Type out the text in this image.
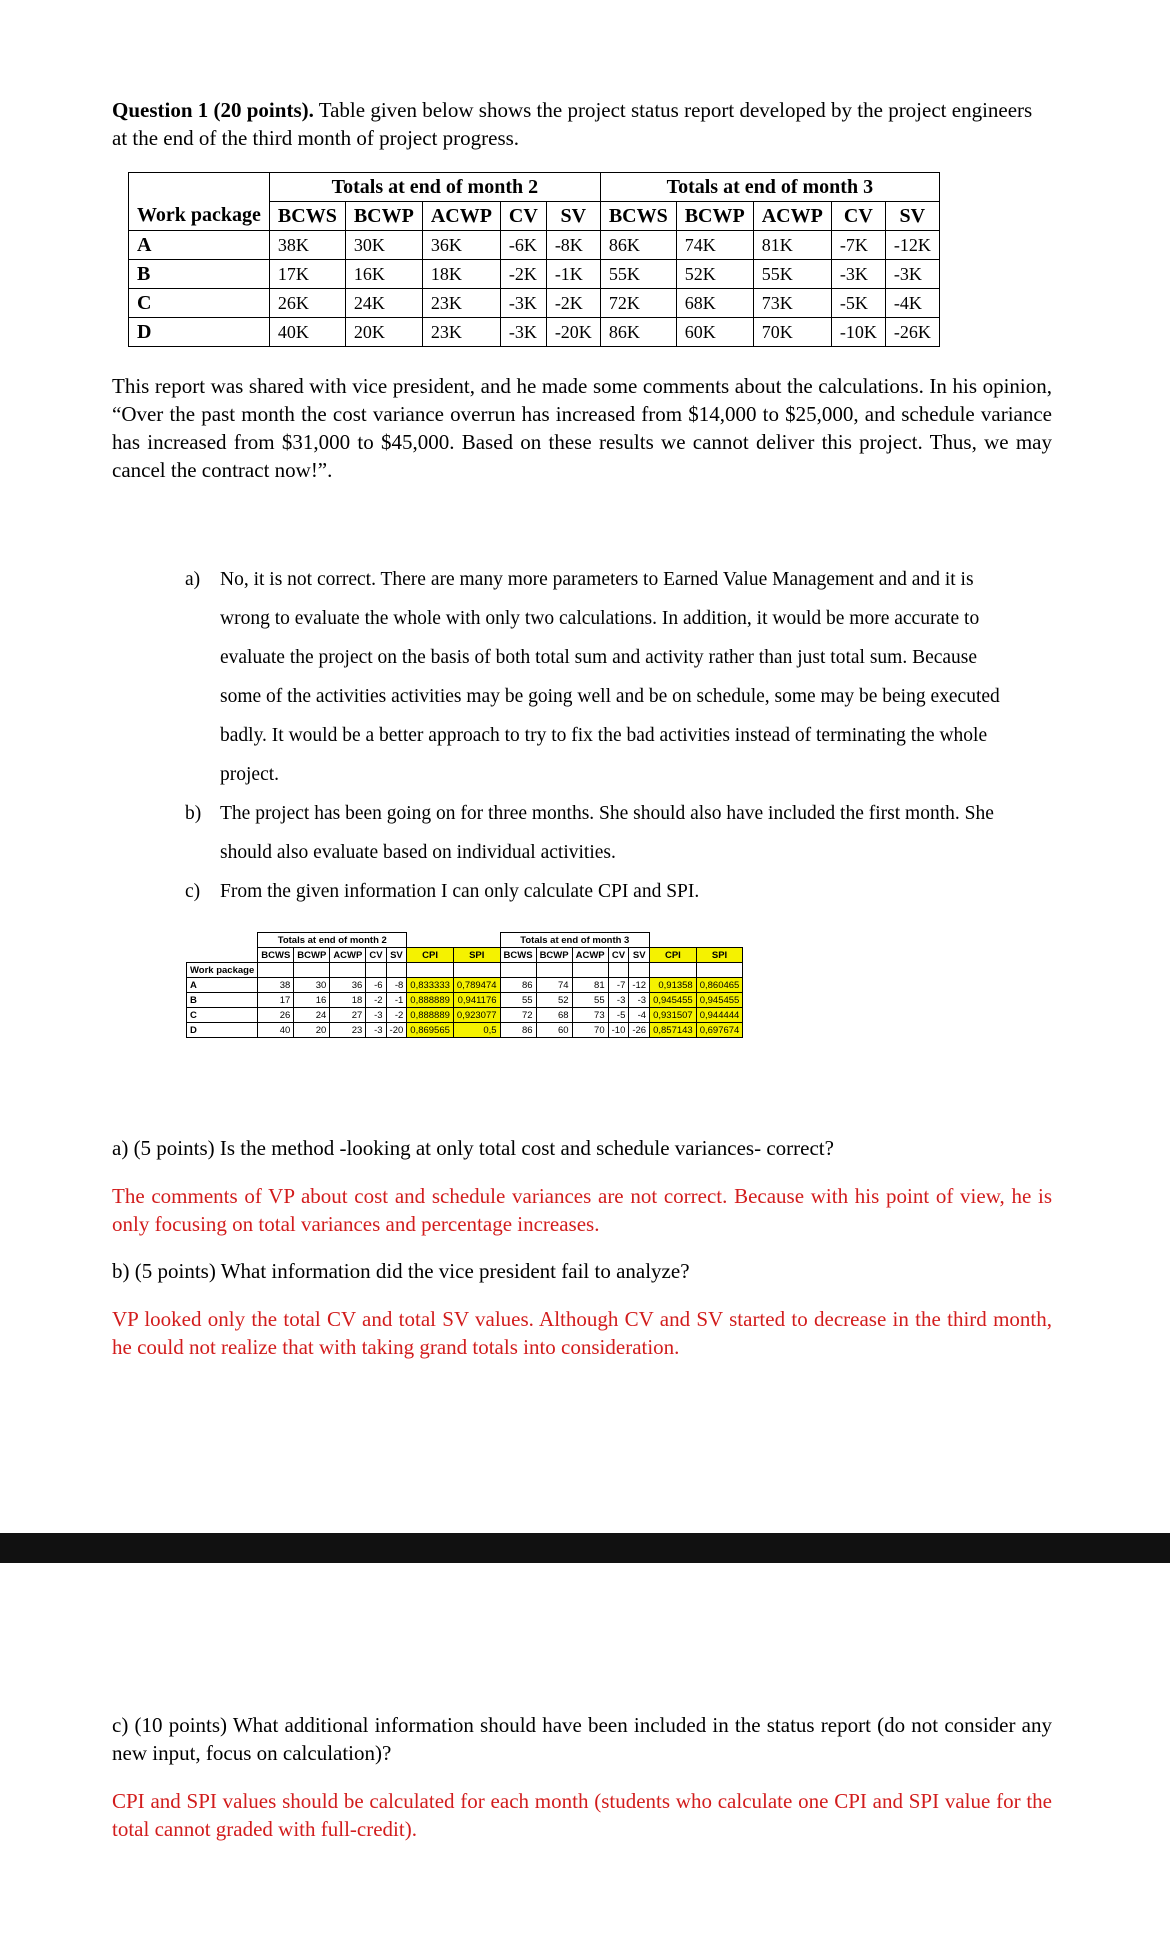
Question 1 (20 points). Table given below shows the project status report developed by the project engineers at the end of the third month of project progress.
	Totals at end of month 2					Totals at end of month 3				
Work package	BCWS	BCWP	ACWP	CV	SV	BCWS	BCWP	ACWP	CV	SV
A	38K	30K	36K	-6K	-8K	86K	74K	81K	-7K	-12K
B	17K	16K	18K	-2K	-1K	55K	52K	55K	-3K	-3K
C	26K	24K	23K	-3K	-2K	72K	68K	73K	-5K	-4K
D	40K	20K	23K	-3K	-20K	86K	60K	70K	-10K	-26K
This report was shared with vice president, and he made some comments about the calculations. In his opinion, “Over the past month the cost variance overrun has increased from $14,000 to $25,000, and schedule variance has increased from $31,000 to $45,000. Based on these results we cannot deliver this project. Thus, we may cancel the contract now!”.
a)	No, it is not correct. There are many more parameters to Earned Value Management and and it is wrong to evaluate the whole with only two calculations. In addition, it would be more accurate to evaluate the project on the basis of both total sum and activity rather than just total sum. Because some of the activities activities may be going well and be on schedule, some may be being executed badly. It would be a better approach to try to fix the bad activities instead of terminating the whole project.
b) The project has been going on for three months. She should also have included the first month. She should also evaluate based on individual activities.
c)	From the given information I can only calculate CPI and SPI.
	Totals at end of month 2							Totals at end of month 3						
	BCWS	BCWP	ACWP	CV	SV	CPI	SPI	BCWS	BCWP	ACWP	CV	SV	CPI	SPI
Work package														
A	38	30	36	-6	-8	0,833333	0,789474	86	74	81	-7	-12	0,91358	0,860465
B	17	16	18	-2	-1	0,888889	0,941176	55	52	55	-3	-3	0,945455	0,945455
C	26	24	27	-3	-2	0,888889	0,923077	72	68	73	-5	-4	0,931507	0,944444
D	40	20	23	-3	-20	0,869565	0,5	86	60	70	-10	-26	0,857143	0,697674
a) (5 points) Is the method -looking at only total cost and schedule variances- correct?
The comments of VP about cost and schedule variances are not correct. Because with his point of view, he is only focusing on total variances and percentage increases.
b) (5 points) What information did the vice president fail to analyze?
VP looked only the total CV and total SV values. Although CV and SV started to decrease in the third month, he could not realize that with taking grand totals into consideration.
c) (10 points) What additional information should have been included in the status report (do not consider any new input, focus on calculation)?
CPI and SPI values should be calculated for each month (students who calculate one CPI and SPI value for the total cannot graded with full-credit).
